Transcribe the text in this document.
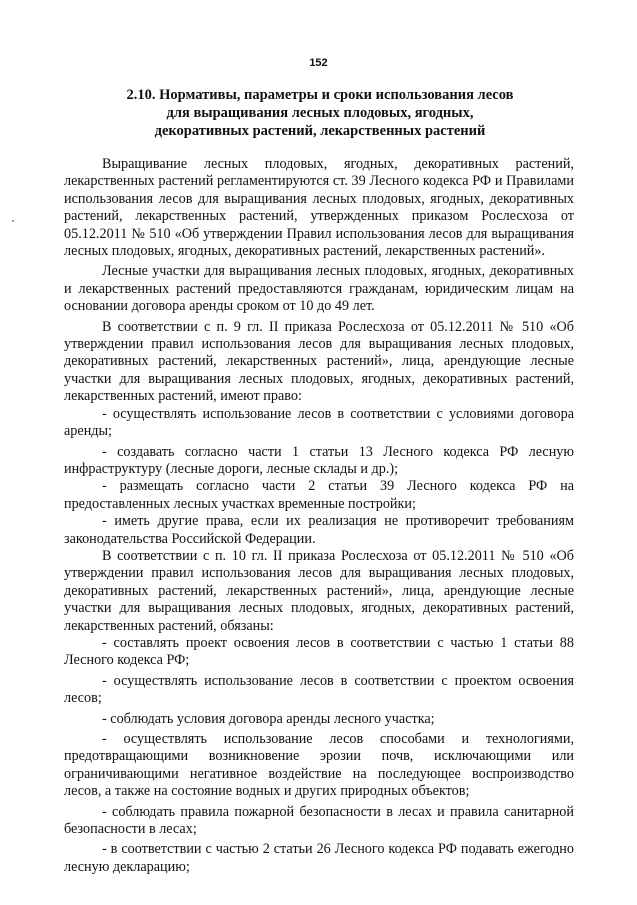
152
2.10. Нормативы, параметры и сроки использования лесов
для выращивания лесных плодовых, ягодных,
декоративных растений, лекарственных растений

Выращивание лесных плодовых, ягодных, декоративных растений, лекарственных растений регламентируются ст. 39 Лесного кодекса РФ и Правилами использования лесов для выращивания лесных плодовых, ягодных, декоративных растений, лекарственных растений, утвержденных приказом Рослесхоза от 05.12.2011 № 510 «Об утверждении Правил использования лесов для выращивания лесных плодовых, ягодных, декоративных растений, лекарственных растений».

Лесные участки для выращивания лесных плодовых, ягодных, декоративных и лекарственных растений предоставляются гражданам, юридическим лицам на основании договора аренды сроком от 10 до 49 лет.

В соответствии с п. 9 гл. II приказа Рослесхоза от 05.12.2011 № 510 «Об утверждении правил использования лесов для выращивания лесных плодовых, декоративных растений, лекарственных растений», лица, арендующие лесные участки для выращивания лесных плодовых, ягодных, декоративных растений, лекарственных растений, имеют право:

- осуществлять использование лесов в соответствии с условиями договора аренды;

- создавать согласно части 1 статьи 13 Лесного кодекса РФ лесную инфраструктуру (лесные дороги, лесные склады и др.);

- размещать согласно части 2 статьи 39 Лесного кодекса РФ на предоставленных лесных участках временные постройки;

- иметь другие права, если их реализация не противоречит требованиям законодательства Российской Федерации.

В соответствии с п. 10 гл. II приказа Рослесхоза от 05.12.2011 № 510 «Об утверждении правил использования лесов для выращивания лесных плодовых, декоративных растений, лекарственных растений», лица, арендующие лесные участки для выращивания лесных плодовых, ягодных, декоративных растений, лекарственных растений, обязаны:

- составлять проект освоения лесов в соответствии с частью 1 статьи 88 Лесного кодекса РФ;

- осуществлять использование лесов в соответствии с проектом освоения лесов;

- соблюдать условия договора аренды лесного участка;

- осуществлять использование лесов способами и технологиями, предотвращающими возникновение эрозии почв, исключающими или ограничивающими негативное воздействие на последующее воспроизводство лесов, а также на состояние водных и других природных объектов;

- соблюдать правила пожарной безопасности в лесах и правила санитарной безопасности в лесах;

- в соответствии с частью 2 статьи 26 Лесного кодекса РФ подавать ежегодно лесную декларацию;
